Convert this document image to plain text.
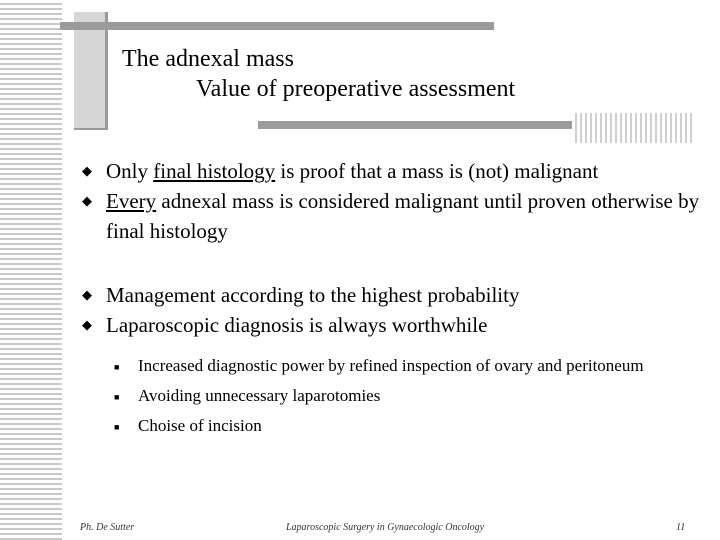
The adnexal mass
Value of preoperative assessment
◆ Only final histology is proof that a mass is (not) malignant
◆ Every adnexal mass is considered malignant until proven otherwise by final histology
◆ Management according to the highest probability
◆ Laparoscopic diagnosis is always worthwhile
■	Increased diagnostic power by refined inspection of ovary and peritoneum
■	Avoiding unnecessary laparotomies
■	Choise of incision
Ph. De Sutter	Laparoscopic Surgery in Gynaecologic Oncology	11
